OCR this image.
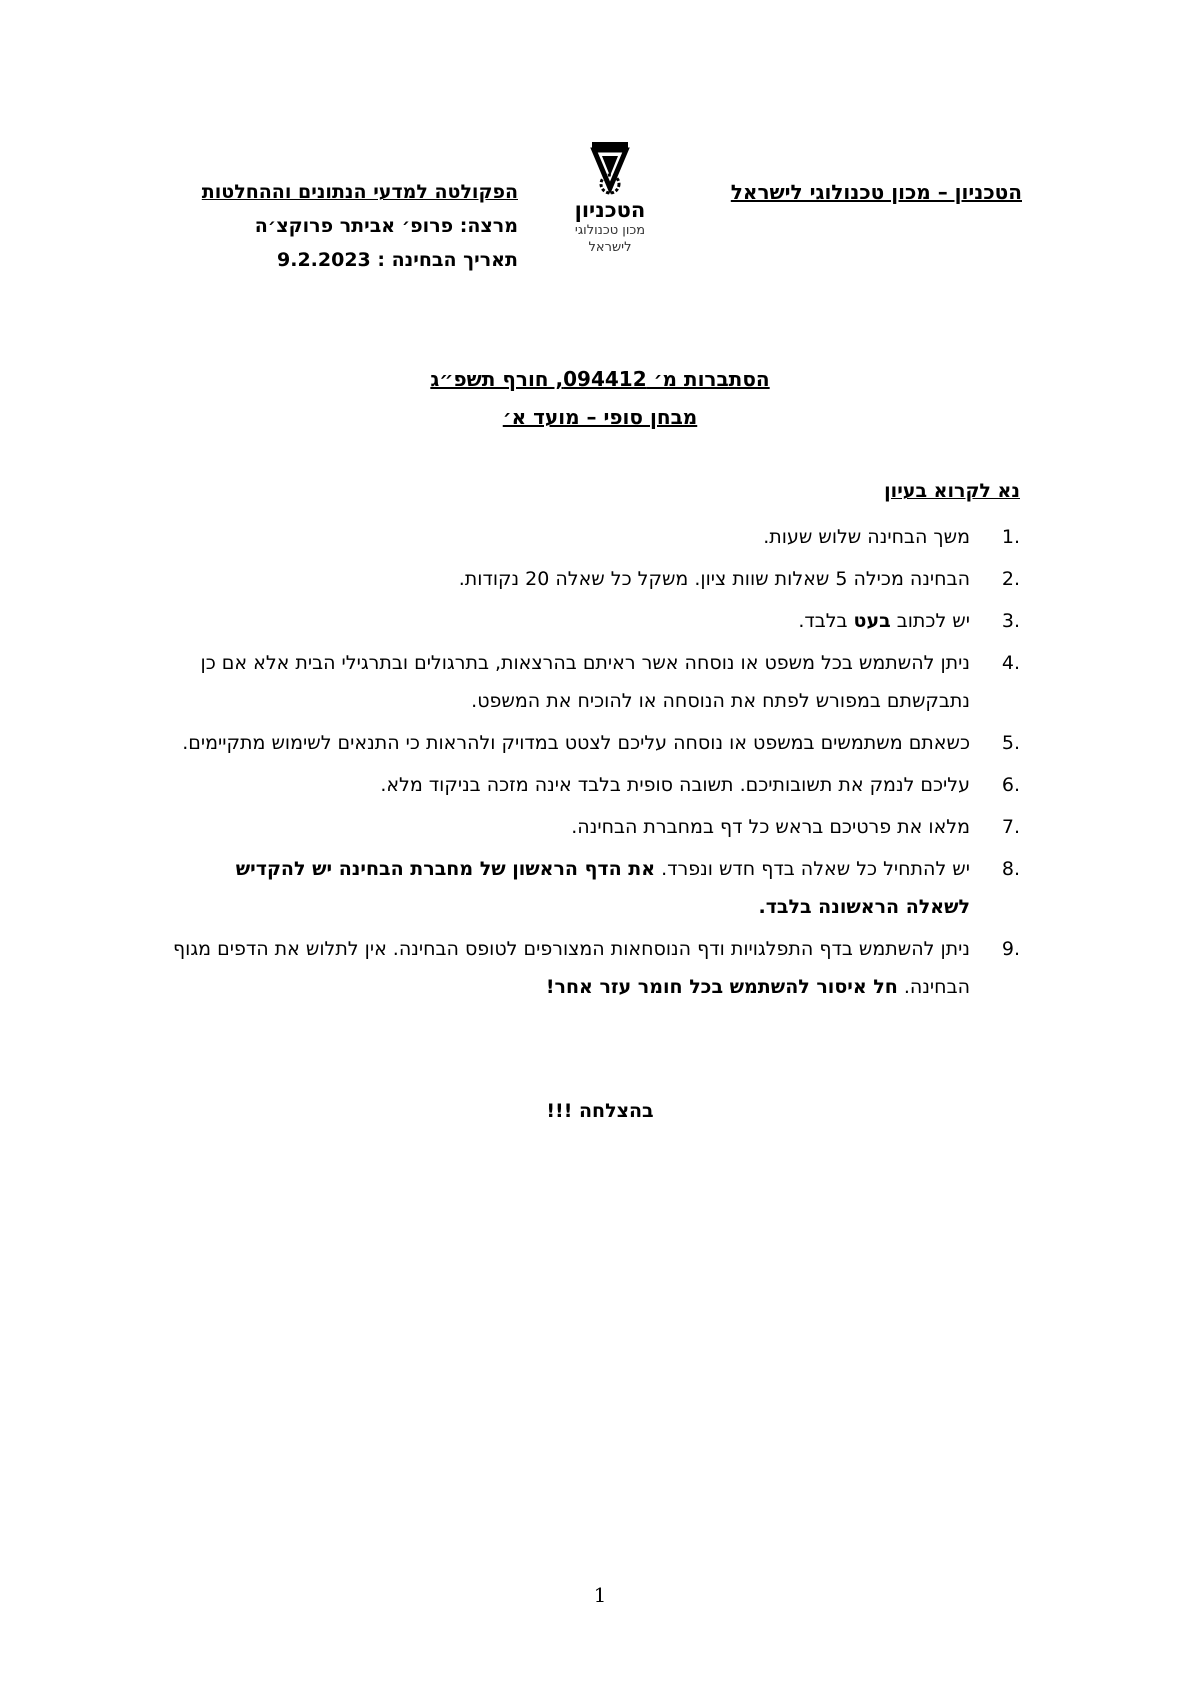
הטכניון – מכון טכנולוגי לישראל
הטכניון
מכון טכנולוגי
לישראל
הפקולטה למדעי הנתונים וההחלטות
מרצה: פרופ׳ אביתר פרוקצ׳ה
תאריך הבחינה : 9.2.2023
הסתברות מ׳ 094412, חורף תשפ״ג
מבחן סופי – מועד א׳
נא לקרוא בעיון
.1
משך הבחינה שלוש שעות.
.2
הבחינה מכילה 5 שאלות שוות ציון. משקל כל שאלה 20 נקודות.
.3
יש לכתוב בעט בלבד.
.4
ניתן להשתמש בכל משפט או נוסחה אשר ראיתם בהרצאות, בתרגולים ובתרגילי הבית אלא אם כן נתבקשתם במפורש לפתח את הנוסחה או להוכיח את המשפט.
.5
כשאתם משתמשים במשפט או נוסחה עליכם לצטט במדויק ולהראות כי התנאים לשימוש מתקיימים.
.6
עליכם לנמק את תשובותיכם. תשובה סופית בלבד אינה מזכה בניקוד מלא.
.7
מלאו את פרטיכם בראש כל דף במחברת הבחינה.
.8
יש להתחיל כל שאלה בדף חדש ונפרד. את הדף הראשון של מחברת הבחינה יש להקדיש לשאלה הראשונה בלבד.
.9
ניתן להשתמש בדף התפלגויות ודף הנוסחאות המצורפים לטופס הבחינה. אין לתלוש את הדפים מגוף הבחינה. חל איסור להשתמש בכל חומר עזר אחר!
בהצלחה !!!
1
